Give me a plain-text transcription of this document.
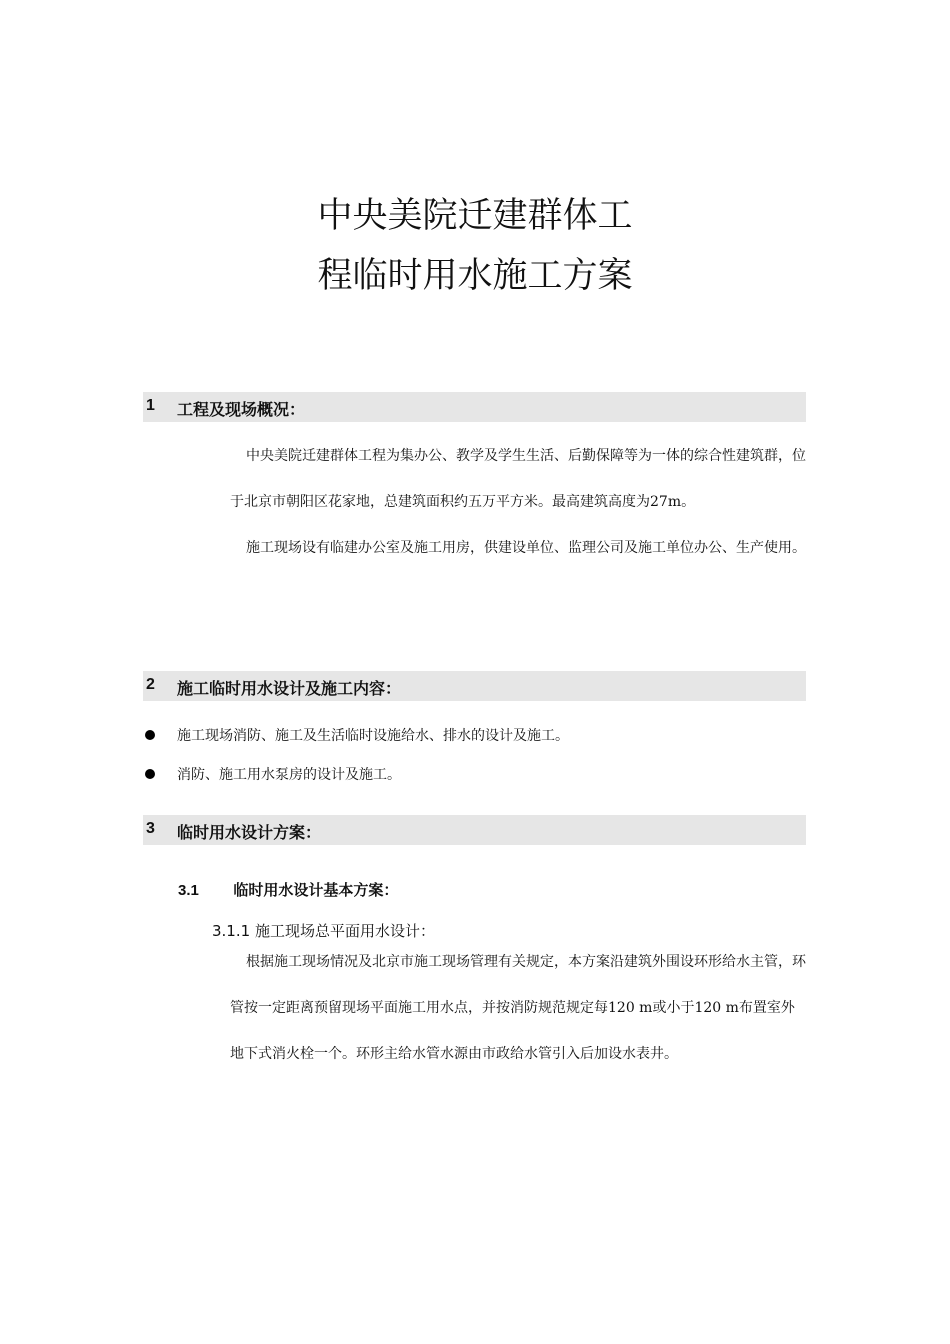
中央美院迁建群体工
程临时用水施工方案
1 工程及现场概况：

中央美院迁建群体工程为集办公、教学及学生生活、后勤保障等为一体的综合性建筑群，位于北京市朝阳区花家地，总建筑面积约五万平方米。最高建筑高度为27m。

施工现场设有临建办公室及施工用房，供建设单位、监理公司及施工单位办公、生产使用。

2 施工临时用水设计及施工内容：
施工现场消防、施工及生活临时设施给水、排水的设计及施工。
消防、施工用水泵房的设计及施工。
3 临时用水设计方案：
3.1 临时用水设计基本方案：
3.1.1 施工现场总平面用水设计：

根据施工现场情况及北京市施工现场管理有关规定，本方案沿建筑外围设环形给水主管，环管按一定距离预留现场平面施工用水点，并按消防规范规定每120 m或小于120 m布置室外地下式消火栓一个。环形主给水管水源由市政给水管引入后加设水表井。
